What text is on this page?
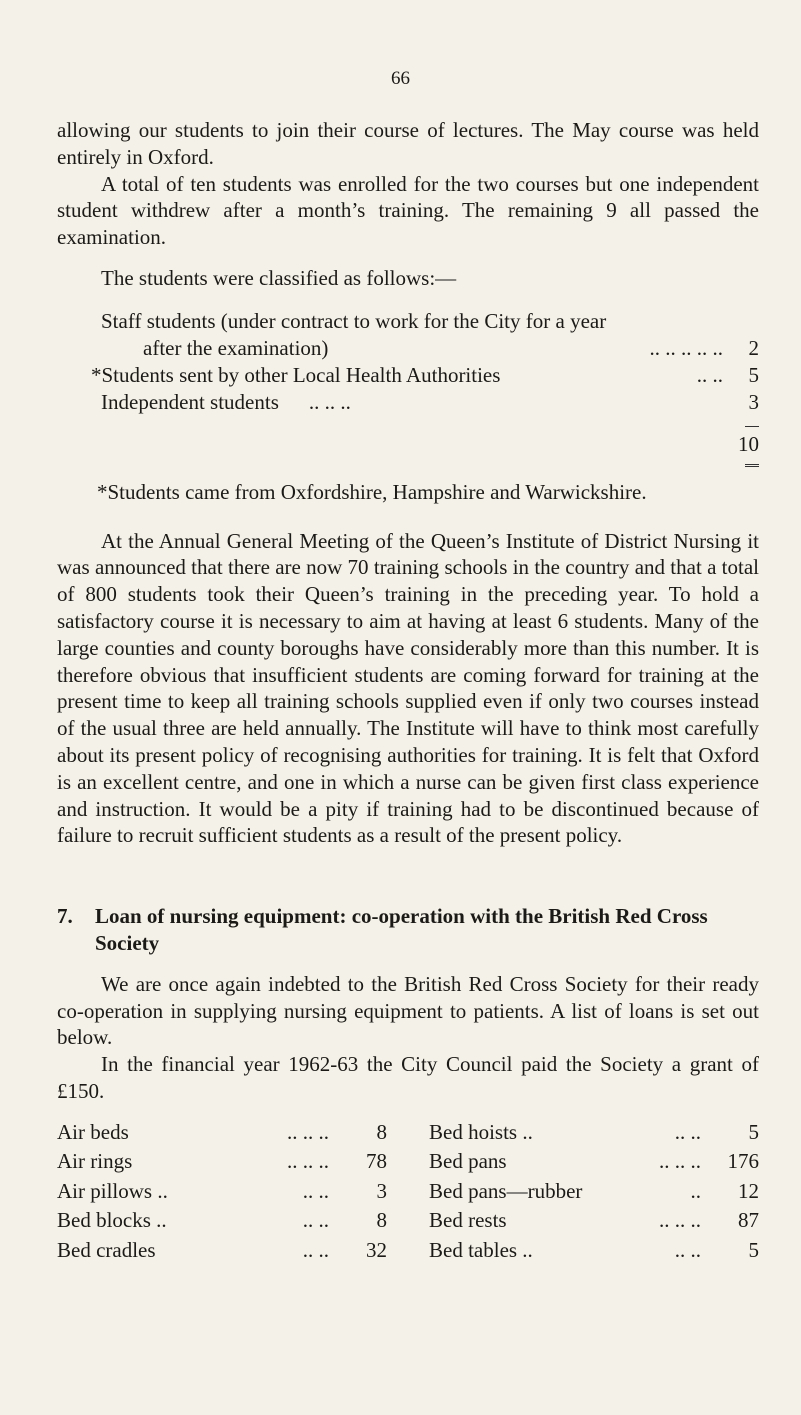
66

allowing our students to join their course of lectures. The May course was held entirely in Oxford.

A total of ten students was enrolled for the two courses but one independent student withdrew after a month’s training. The remaining 9 all passed the examination.

The students were classified as follows:—

Staff students (under contract to work for the City for a year
after the examination)	.. .. .. .. ..	2
*Students sent by other Local Health Authorities	.. ..	5
Independent students	.. .. ..	3
10

*Students came from Oxfordshire, Hampshire and Warwickshire.

At the Annual General Meeting of the Queen’s Institute of District Nursing it was announced that there are now 70 training schools in the country and that a total of 800 students took their Queen’s training in the preceding year. To hold a satisfactory course it is necessary to aim at having at least 6 students. Many of the large counties and county boroughs have considerably more than this number. It is therefore obvious that insufficient students are coming forward for training at the present time to keep all training schools supplied even if only two courses instead of the usual three are held annually. The Institute will have to think most carefully about its present policy of recognising authorities for training. It is felt that Oxford is an excellent centre, and one in which a nurse can be given first class experience and instruction. It would be a pity if training had to be discontinued because of failure to recruit sufficient students as a result of the present policy.

7.	Loan of nursing equipment: co-operation with the British Red Cross Society

We are once again indebted to the British Red Cross Society for their ready co-operation in supplying nursing equipment to patients. A list of loans is set out below.

In the financial year 1962-63 the City Council paid the Society a grant of £150.

Air beds	.. .. ..	8
Air rings	.. .. ..	78
Air pillows ..	.. ..	3
Bed blocks ..	.. ..	8
Bed cradles	.. ..	32
Bed hoists ..	.. ..	5
Bed pans	.. .. ..	176
Bed pans—rubber	..	12
Bed rests	.. .. ..	87
Bed tables ..	.. ..	5
